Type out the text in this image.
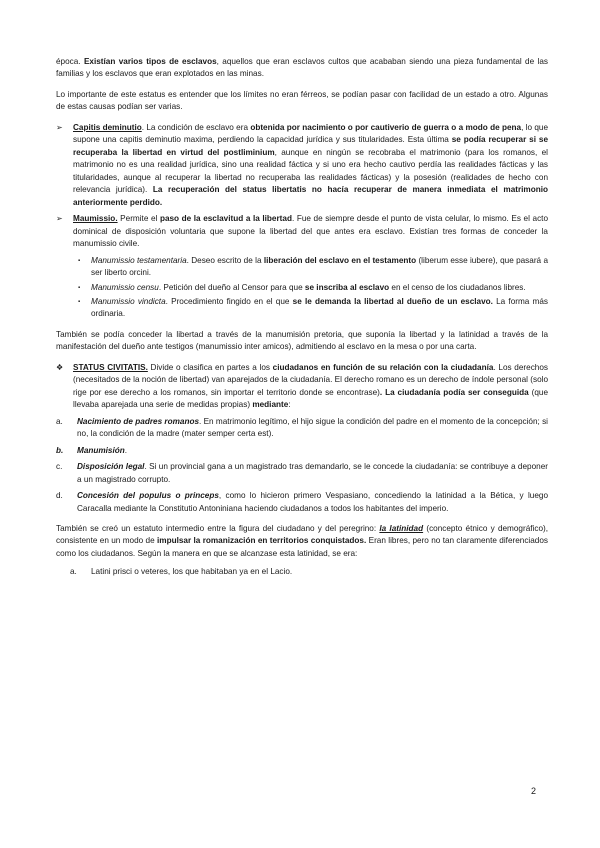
época. Existían varios tipos de esclavos, aquellos que eran esclavos cultos que acababan siendo una pieza fundamental de las familias y los esclavos que eran explotados en las minas.

Lo importante de este estatus es entender que los límites no eran férreos, se podían pasar con facilidad de un estado a otro. Algunas de estas causas podían ser varias.

➢ Capitis deminutio. La condición de esclavo era obtenida por nacimiento o por cautiverio de guerra o a modo de pena, lo que supone una capitis deminutio maxima, perdiendo la capacidad jurídica y sus titularidades. Esta última se podía recuperar si se recuperaba la libertad en virtud del postliminium, aunque en ningún se recobraba el matrimonio (para los romanos, el matrimonio no es una realidad jurídica, sino una realidad fáctica y si uno era hecho cautivo perdía las realidades fácticas y las titularidades, aunque al recuperar la libertad no recuperaba las realidades fácticas) y la posesión (realidades de hecho con relevancia jurídica). La recuperación del status libertatis no hacía recuperar de manera inmediata el matrimonio anteriormente perdido.
➢ Maumissio. Permite el paso de la esclavitud a la libertad. Fue de siempre desde el punto de vista celular, lo mismo. Es el acto dominical de disposición voluntaria que supone la libertad del que antes era esclavo. Existían tres formas de conceder la manumissio civile.
▪ Manumissio testamentaria. Deseo escrito de la liberación del esclavo en el testamento (liberum esse iubere), que pasará a ser liberto orcini.
▪ Manumissio censu. Petición del dueño al Censor para que se inscriba al esclavo en el censo de los ciudadanos libres.
▪ Manumissio vindicta. Procedimiento fingido en el que se le demanda la libertad al dueño de un esclavo. La forma más ordinaria.

También se podía conceder la libertad a través de la manumisión pretoria, que suponía la libertad y la latinidad a través de la manifestación del dueño ante testigos (manumissio inter amicos), admitiendo al esclavo en la mesa o por una carta.

❖ STATUS CIVITATIS. Divide o clasifica en partes a los ciudadanos en función de su relación con la ciudadanía. Los derechos (necesitados de la noción de libertad) van aparejados de la ciudadanía. El derecho romano es un derecho de índole personal (solo rige por ese derecho a los romanos, sin importar el territorio donde se encontrase). La ciudadanía podía ser conseguida (que llevaba aparejada una serie de medidas propias) mediante:
a. Nacimiento de padres romanos. En matrimonio legítimo, el hijo sigue la condición del padre en el momento de la concepción; si no, la condición de la madre (mater semper certa est).
b. Manumisión.
c. Disposición legal. Si un provincial gana a un magistrado tras demandarlo, se le concede la ciudadanía: se contribuye a deponer a un magistrado corrupto.
d. Concesión del populus o princeps, como lo hicieron primero Vespasiano, concediendo la latinidad a la Bética, y luego Caracalla mediante la Constitutio Antoniniana haciendo ciudadanos a todos los habitantes del imperio.

También se creó un estatuto intermedio entre la figura del ciudadano y del peregrino: la latinidad (concepto étnico y demográfico), consistente en un modo de impulsar la romanización en territorios conquistados. Eran libres, pero no tan claramente diferenciados como los ciudadanos. Según la manera en que se alcanzase esta latinidad, se era:

a. Latini prisci o veteres, los que habitaban ya en el Lacio.
2
